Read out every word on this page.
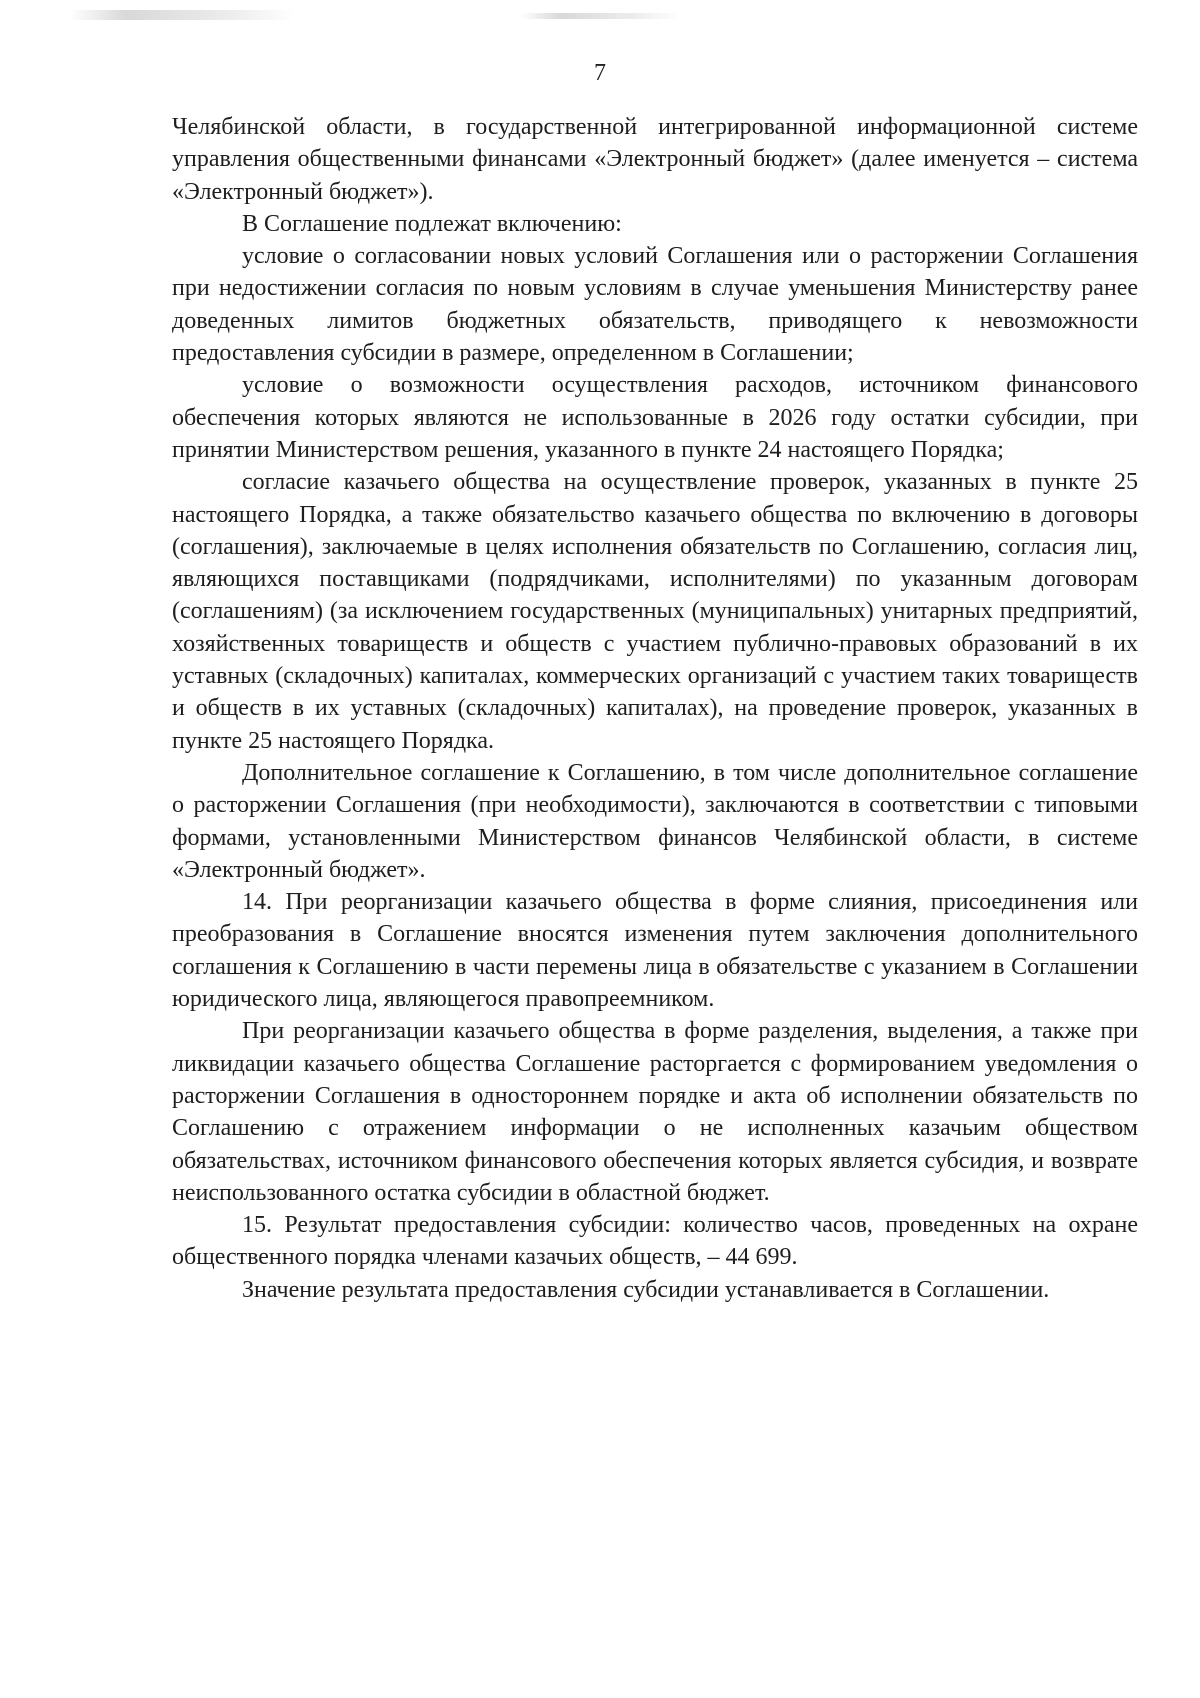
7

Челябинской области, в государственной интегрированной информационной системе управления общественными финансами «Электронный бюджет» (далее именуется – система «Электронный бюджет»).

В Соглашение подлежат включению:

условие о согласовании новых условий Соглашения или о расторжении Соглашения при недостижении согласия по новым условиям в случае уменьшения Министерству ранее доведенных лимитов бюджетных обязательств, приводящего к невозможности предоставления субсидии в размере, определенном в Соглашении;

условие о возможности осуществления расходов, источником финансового обеспечения которых являются не использованные в 2026 году остатки субсидии, при принятии Министерством решения, указанного в пункте 24 настоящего Порядка;

согласие казачьего общества на осуществление проверок, указанных в пункте 25 настоящего Порядка, а также обязательство казачьего общества по включению в договоры (соглашения), заключаемые в целях исполнения обязательств по Соглашению, согласия лиц, являющихся поставщиками (подрядчиками, исполнителями) по указанным договорам (соглашениям) (за исключением государственных (муниципальных) унитарных предприятий, хозяйственных товариществ и обществ с участием публично-правовых образований в их уставных (складочных) капиталах, коммерческих организаций с участием таких товариществ и обществ в их уставных (складочных) капиталах), на проведение проверок, указанных в пункте 25 настоящего Порядка.

Дополнительное соглашение к Соглашению, в том числе дополнительное соглашение о расторжении Соглашения (при необходимости), заключаются в соответствии с типовыми формами, установленными Министерством финансов Челябинской области, в системе «Электронный бюджет».

14. При реорганизации казачьего общества в форме слияния, присоединения или преобразования в Соглашение вносятся изменения путем заключения дополнительного соглашения к Соглашению в части перемены лица в обязательстве с указанием в Соглашении юридического лица, являющегося правопреемником.

При реорганизации казачьего общества в форме разделения, выделения, а также при ликвидации казачьего общества Соглашение расторгается с формированием уведомления о расторжении Соглашения в одностороннем порядке и акта об исполнении обязательств по Соглашению с отражением информации о не исполненных казачьим обществом обязательствах, источником финансового обеспечения которых является субсидия, и возврате неиспользованного остатка субсидии в областной бюджет.

15. Результат предоставления субсидии: количество часов, проведенных на охране общественного порядка членами казачьих обществ, – 44 699.

Значение результата предоставления субсидии устанавливается в Соглашении.
